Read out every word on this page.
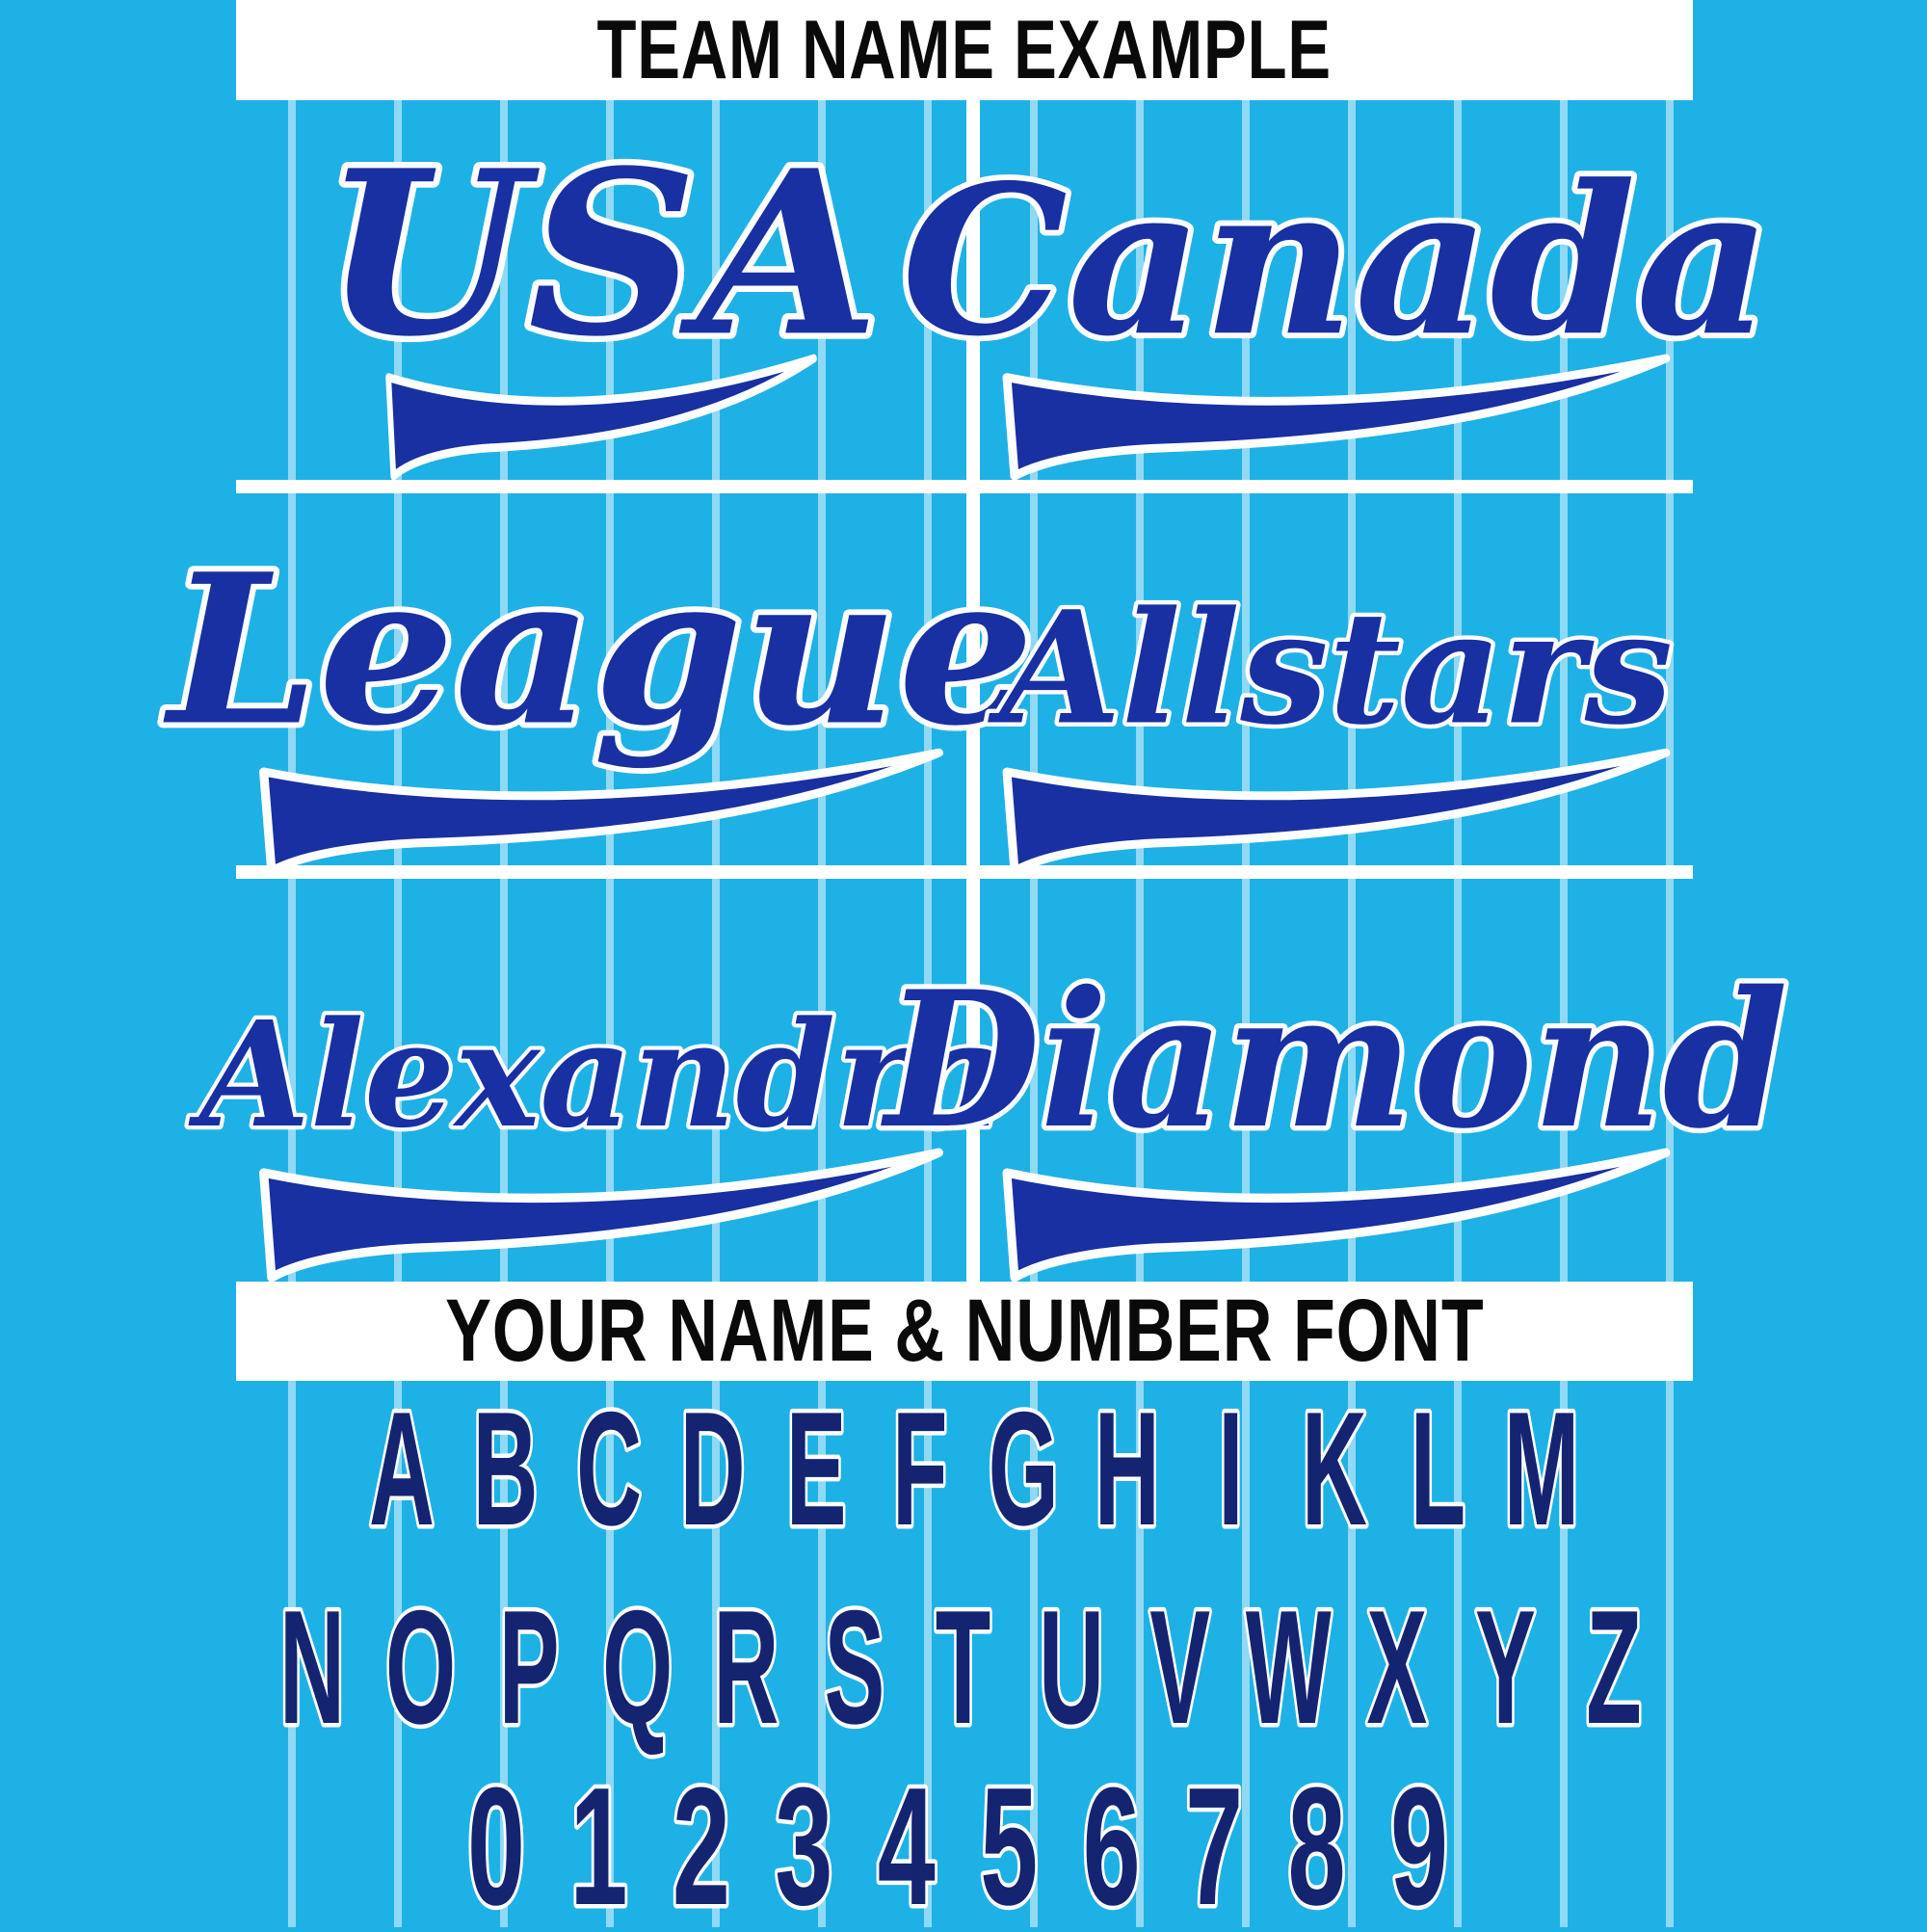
TEAM NAME EXAMPLE
USA Canada
League
Allstars
Alexandra
Diamond
YOUR NAME & NUMBER FONT
A B C D E F G H I K L M
N O P Q R S T U V W X Y Z
0 1 2 3 4 5 6 7 8 9
